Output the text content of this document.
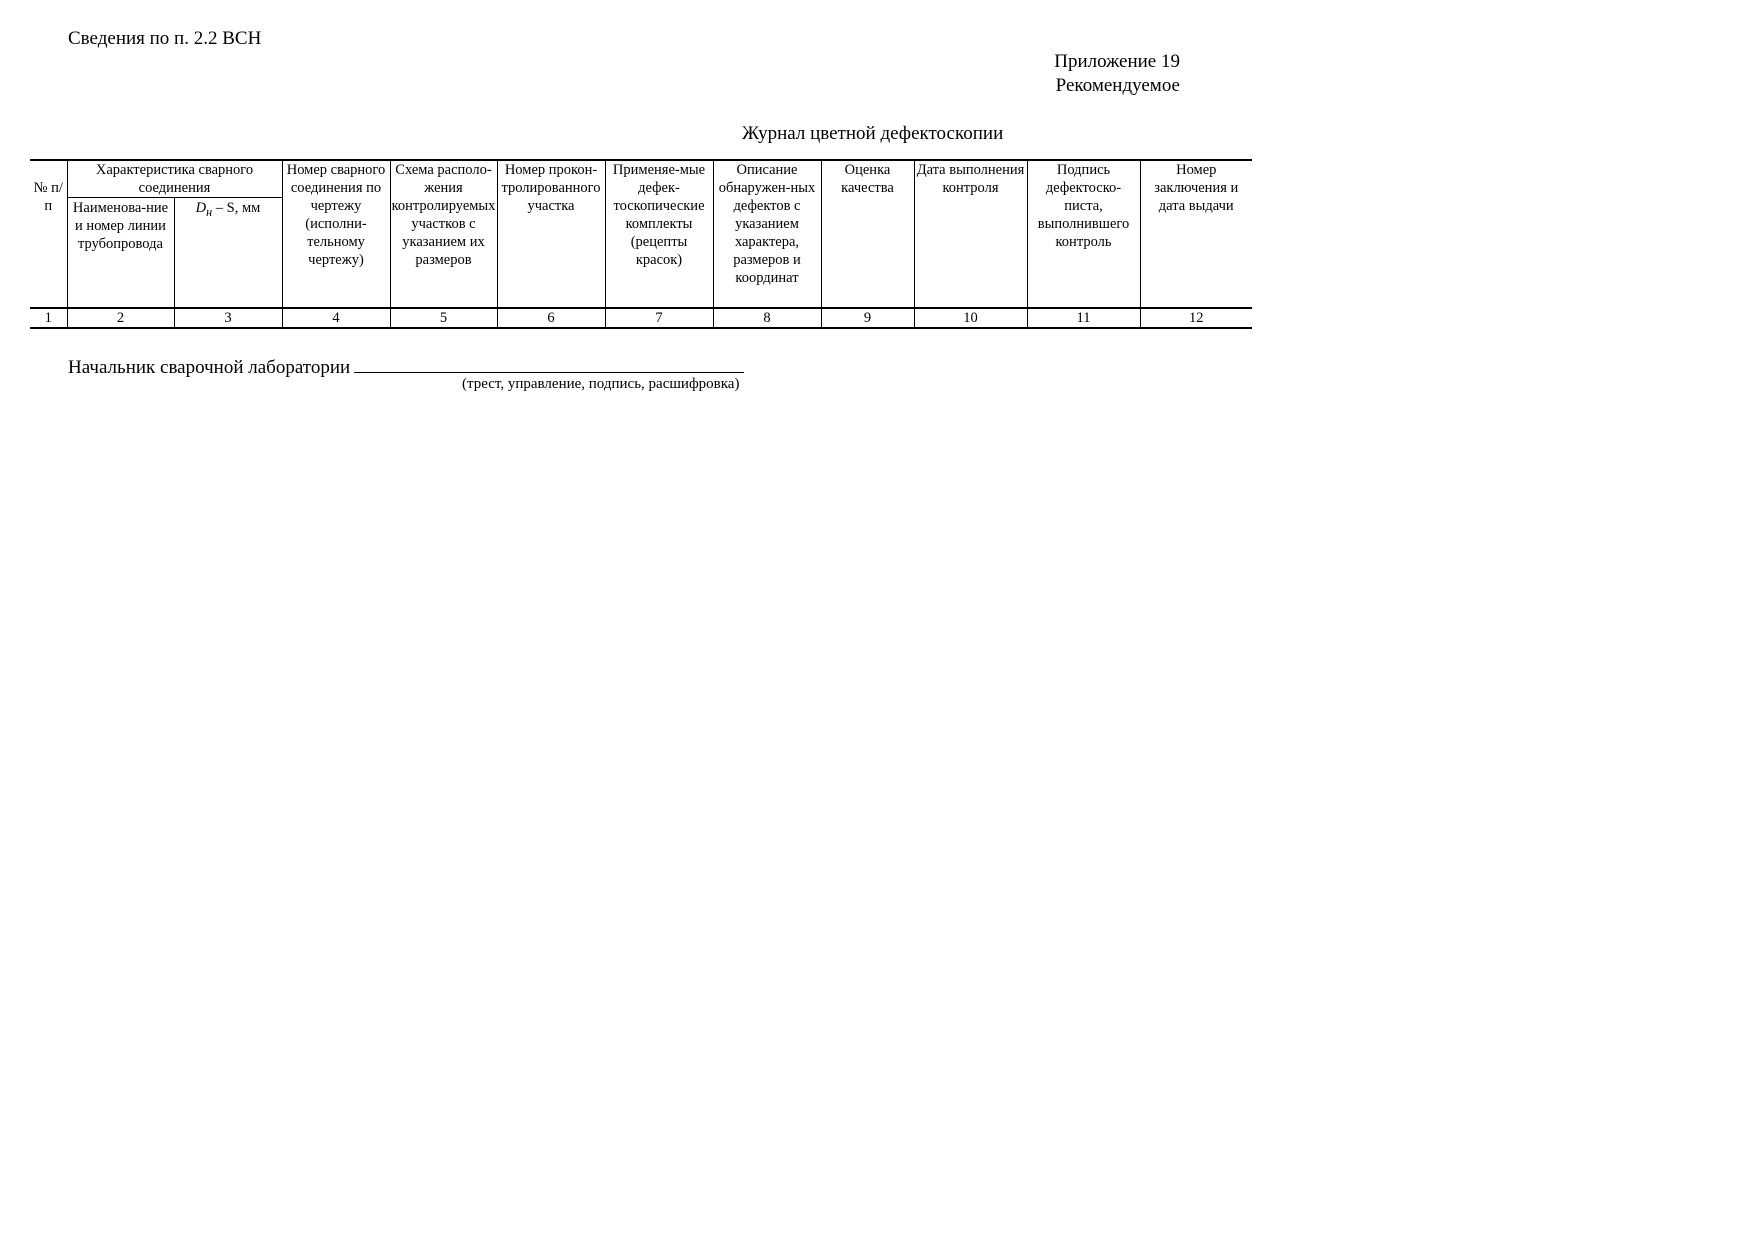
Сведения по п. 2.2 ВСН
Приложение 19
Рекомендуемое
Журнал цветной дефектоскопии
№ п/п	Характеристика сварного соединения		Номер сварного соединения по чертежу (исполни-тельному чертежу)	Схема располо-жения контролируемых участков с указанием их размеров	Номер прокон-тролированного участка	Применяе-мые дефек-тоскопические комплекты (рецепты красок)	Описание обнаружен-ных дефектов с указанием характера, размеров и координат	Оценка качества	Дата выполнения контроля	Подпись дефектоско-писта, выполнившего контроль	Номер заключения и дата выдачи
	Наименова-ние и номер линии трубопровода	$D_н$ – S, мм									
1	2	3	4	5	6	7	8	9	10	11	12
Начальник сварочной лаборатории
(трест, управление, подпись, расшифровка)
